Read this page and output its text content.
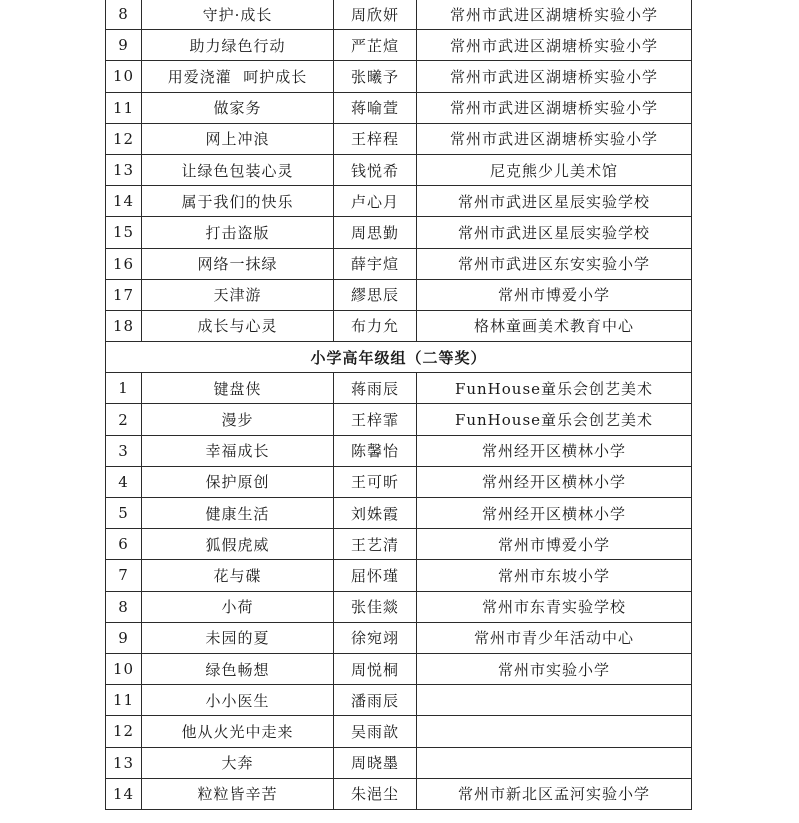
8	守护·成长	周欣妍	常州市武进区湖塘桥实验小学
9	助力绿色行动	严芷煊	常州市武进区湖塘桥实验小学
10	用爱浇灌  呵护成长	张曦予	常州市武进区湖塘桥实验小学
11	做家务	蒋喻萱	常州市武进区湖塘桥实验小学
12	网上冲浪	王梓程	常州市武进区湖塘桥实验小学
13	让绿色包装心灵	钱悦希	尼克熊少儿美术馆
14	属于我们的快乐	卢心月	常州市武进区星辰实验学校
15	打击盗版	周思勤	常州市武进区星辰实验学校
16	网络一抹绿	薛宇煊	常州市武进区东安实验小学
17	天津游	繆思辰	常州市博爱小学
18	成长与心灵	布力允	格林童画美术教育中心
小学高年级组（二等奖）			
1	键盘侠	蒋雨辰	FunHouse童乐会创艺美术
2	漫步	王梓霏	FunHouse童乐会创艺美术
3	幸福成长	陈馨怡	常州经开区横林小学
4	保护原创	王可昕	常州经开区横林小学
5	健康生活	刘姝霞	常州经开区横林小学
6	狐假虎威	王艺清	常州市博爱小学
7	花与碟	屈怀瑾	常州市东坡小学
8	小荷	张佳燚	常州市东青实验学校
9	未园的夏	徐宛翊	常州市青少年活动中心
10	绿色畅想	周悦桐	常州市实验小学
11	小小医生	潘雨辰	
12	他从火光中走来	吴雨歆	
13	大奔	周晓墨	
14	粒粒皆辛苦	朱浥尘	常州市新北区孟河实验小学
